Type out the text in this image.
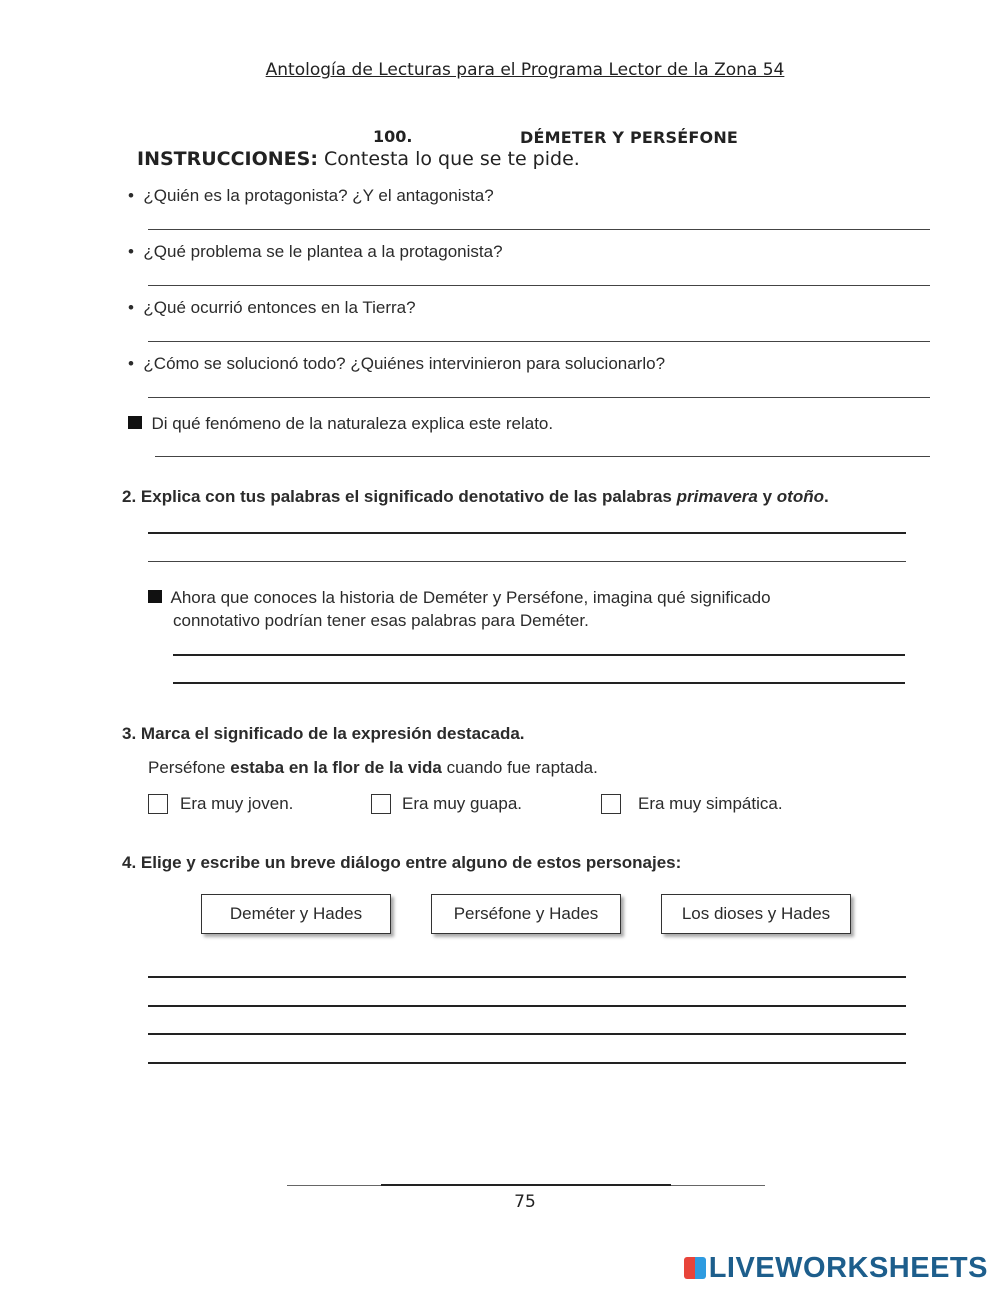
Antología de Lecturas para el Programa Lector de la Zona 54
100.	DÉMETER Y PERSÉFONE
INSTRUCCIONES: Contesta lo que se te pide.
• ¿Quién es la protagonista? ¿Y el antagonista?
• ¿Qué problema se le plantea a la protagonista?
• ¿Qué ocurrió entonces en la Tierra?
• ¿Cómo se solucionó todo? ¿Quiénes intervinieron para solucionarlo?
Di qué fenómeno de la naturaleza explica este relato.
2. Explica con tus palabras el significado denotativo de las palabras primavera y otoño.
Ahora que conoces la historia de Deméter y Perséfone, imagina qué significado
connotativo podrían tener esas palabras para Deméter.
3. Marca el significado de la expresión destacada.
Perséfone estaba en la flor de la vida cuando fue raptada.
Era muy joven.	Era muy guapa.	Era muy simpática.
4. Elige y escribe un breve diálogo entre alguno de estos personajes:
Deméter y Hades	Perséfone y Hades	Los dioses y Hades
75
LIVEWORKSHEETS
